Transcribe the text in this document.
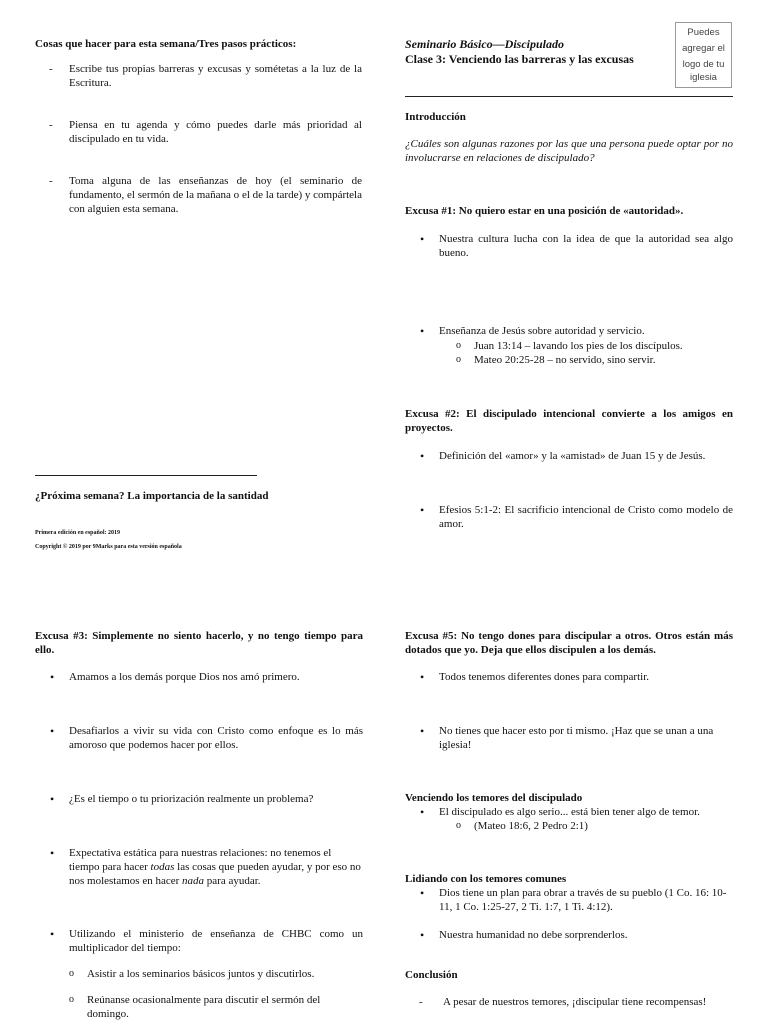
Cosas que hacer para esta semana/Tres pasos prácticos:
- Escribe tus propias barreras y excusas y sométetas a la luz de la Escritura.
- Piensa en tu agenda y cómo puedes darle más prioridad al discipulado en tu vida.
- Toma alguna de las enseñanzas de hoy (el seminario de fundamento, el sermón de la mañana o el de la tarde) y compártela con alguien esta semana.
¿Próxima semana? La importancia de la santidad
Primera edición en español: 2019
Copyright © 2019 por 9Marks para esta versión española
Seminario Básico—Discipulado
Clase 3: Venciendo las barreras y las excusas
Puedes
agregar el
logo de tu
iglesia
Introducción
¿Cuáles son algunas razones por las que una persona puede optar por no involucrarse en relaciones de discipulado?
Excusa #1: No quiero estar en una posición de «autoridad».
• Nuestra cultura lucha con la idea de que la autoridad sea algo bueno.
• Enseñanza de Jesús sobre autoridad y servicio.
o Juan 13:14 – lavando los pies de los discípulos.
o Mateo 20:25-28 – no servido, sino servir.
Excusa #2: El discipulado intencional convierte a los amigos en proyectos.
• Definición del «amor» y la «amistad» de Juan 15 y de Jesús.
• Efesios 5:1-2: El sacrificio intencional de Cristo como modelo de amor.
Excusa #3: Simplemente no siento hacerlo, y no tengo tiempo para ello.
• Amamos a los demás porque Dios nos amó primero.
• Desafiarlos a vivir su vida con Cristo como enfoque es lo más amoroso que podemos hacer por ellos.
• ¿Es el tiempo o tu priorización realmente un problema?
• Expectativa estática para nuestras relaciones: no tenemos el tiempo para hacer todas las cosas que pueden ayudar, y por eso no nos molestamos en hacer nada para ayudar.
• Utilizando el ministerio de enseñanza de CHBC como un multiplicador del tiempo:
o Asistir a los seminarios básicos juntos y discutirlos.
o Reúnanse ocasionalmente para discutir el sermón del domingo.
Excusa #5: No tengo dones para discipular a otros. Otros están más dotados que yo. Deja que ellos discipulen a los demás.
• Todos tenemos diferentes dones para compartir.
• No tienes que hacer esto por ti mismo. ¡Haz que se unan a una iglesia!
Venciendo los temores del discipulado
• El discipulado es algo serio... está bien tener algo de temor.
o (Mateo 18:6, 2 Pedro 2:1)
Lidiando con los temores comunes
• Dios tiene un plan para obrar a través de su pueblo (1 Co. 16: 10-11, 1 Co. 1:25-27, 2 Ti. 1:7, 1 Ti. 4:12).
• Nuestra humanidad no debe sorprenderlos.
Conclusión
- A pesar de nuestros temores, ¡discipular tiene recompensas!
